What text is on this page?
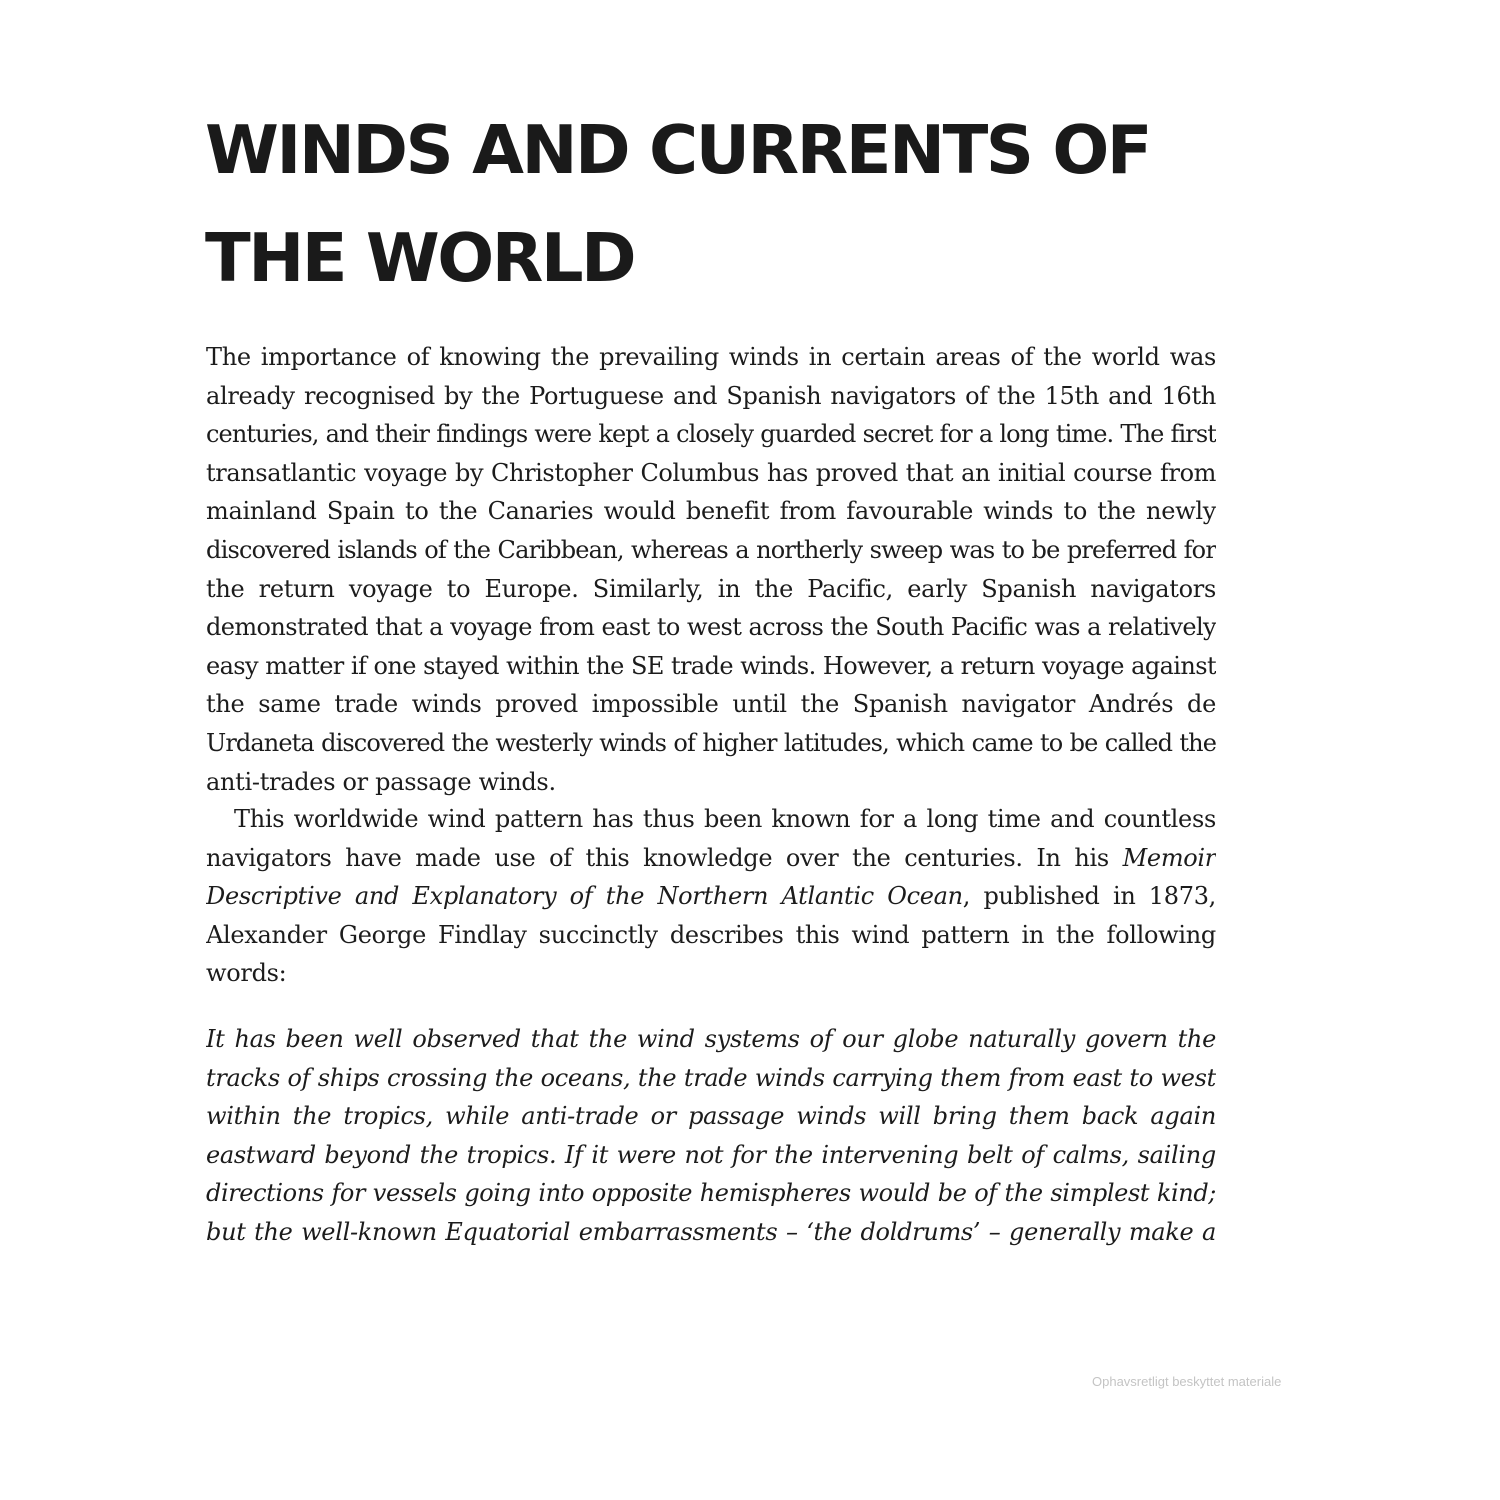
WINDS AND CURRENTS OF
THE WORLD
The importance of knowing the prevailing winds in certain areas of the world was
already recognised by the Portuguese and Spanish navigators of the 15th and 16th
centuries, and their findings were kept a closely guarded secret for a long time. The first
transatlantic voyage by Christopher Columbus has proved that an initial course from
mainland Spain to the Canaries would benefit from favourable winds to the newly
discovered islands of the Caribbean, whereas a northerly sweep was to be preferred for
the return voyage to Europe. Similarly, in the Pacific, early Spanish navigators
demonstrated that a voyage from east to west across the South Pacific was a relatively
easy matter if one stayed within the SE trade winds. However, a return voyage against
the same trade winds proved impossible until the Spanish navigator Andrés de
Urdaneta discovered the westerly winds of higher latitudes, which came to be called the
anti-trades or passage winds.
This worldwide wind pattern has thus been known for a long time and countless
navigators have made use of this knowledge over the centuries. In his Memoir
Descriptive and Explanatory of the Northern Atlantic Ocean, published in 1873,
Alexander George Findlay succinctly describes this wind pattern in the following
words:
It has been well observed that the wind systems of our globe naturally govern the
tracks of ships crossing the oceans, the trade winds carrying them from east to west
within the tropics, while anti-trade or passage winds will bring them back again
eastward beyond the tropics. If it were not for the intervening belt of calms, sailing
directions for vessels going into opposite hemispheres would be of the simplest kind;
but the well-known Equatorial embarrassments – ‘the doldrums’ – generally make a
Ophavsretligt beskyttet materiale
